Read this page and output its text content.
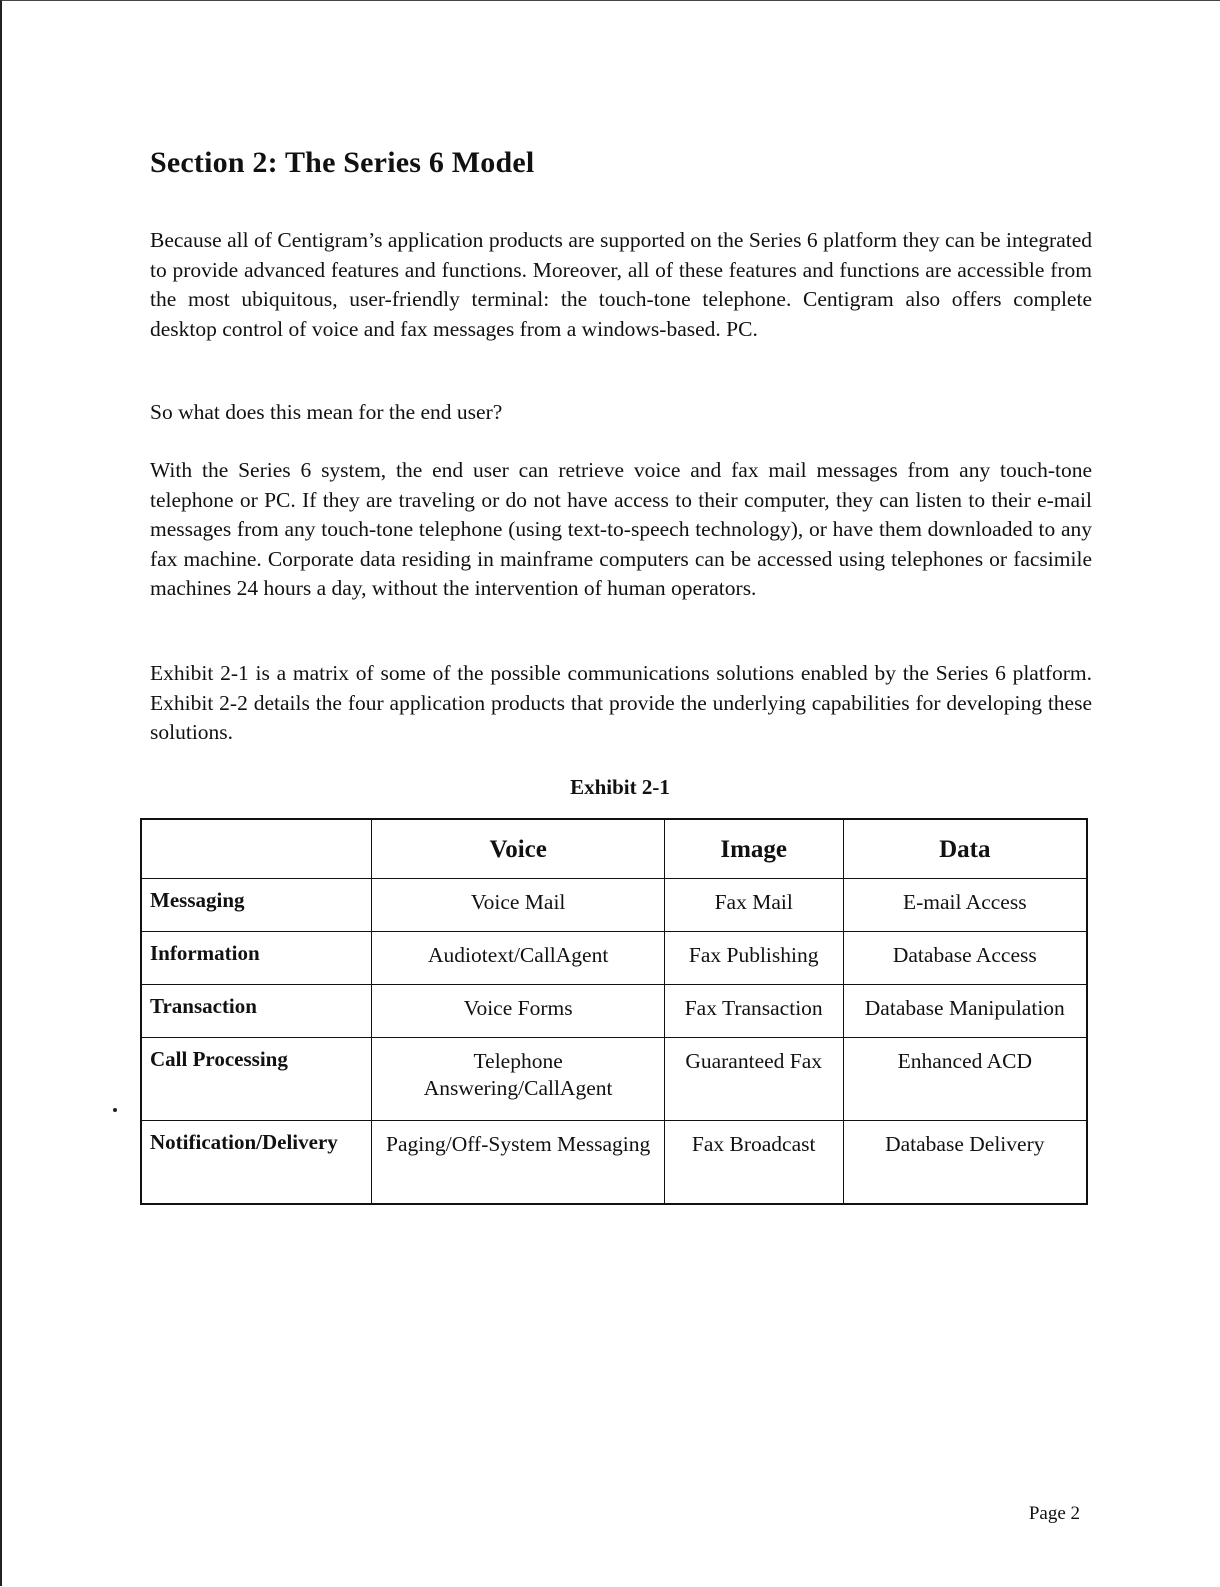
Section 2: The Series 6 Model

Because all of Centigram’s application products are supported on the Series 6 platform they can be integrated to provide advanced features and functions. Moreover, all of these features and functions are accessible from the most ubiquitous, user-friendly terminal: the touch-tone telephone. Centigram also offers complete desktop control of voice and fax messages from a windows-based. PC.

So what does this mean for the end user?

With the Series 6 system, the end user can retrieve voice and fax mail messages from any touch-tone telephone or PC. If they are traveling or do not have access to their computer, they can listen to their e-mail messages from any touch-tone telephone (using text-to-speech technology), or have them downloaded to any fax machine. Corporate data residing in mainframe computers can be accessed using telephones or facsimile machines 24 hours a day, without the intervention of human operators.

Exhibit 2-1 is a matrix of some of the possible communications solutions enabled by the Series 6 platform. Exhibit 2-2 details the four application products that provide the underlying capabilities for developing these solutions.

Exhibit 2-1

	Voice	Image	Data
Messaging	Voice Mail	Fax Mail	E-mail Access
Information	Audiotext/CallAgent	Fax Publishing	Database Access
Transaction	Voice Forms	Fax Transaction	Database Manipulation
Call Processing	Telephone Answering/CallAgent	Guaranteed Fax	Enhanced ACD
Notification/Delivery	Paging/Off-System Messaging	Fax Broadcast	Database Delivery

Page 2
